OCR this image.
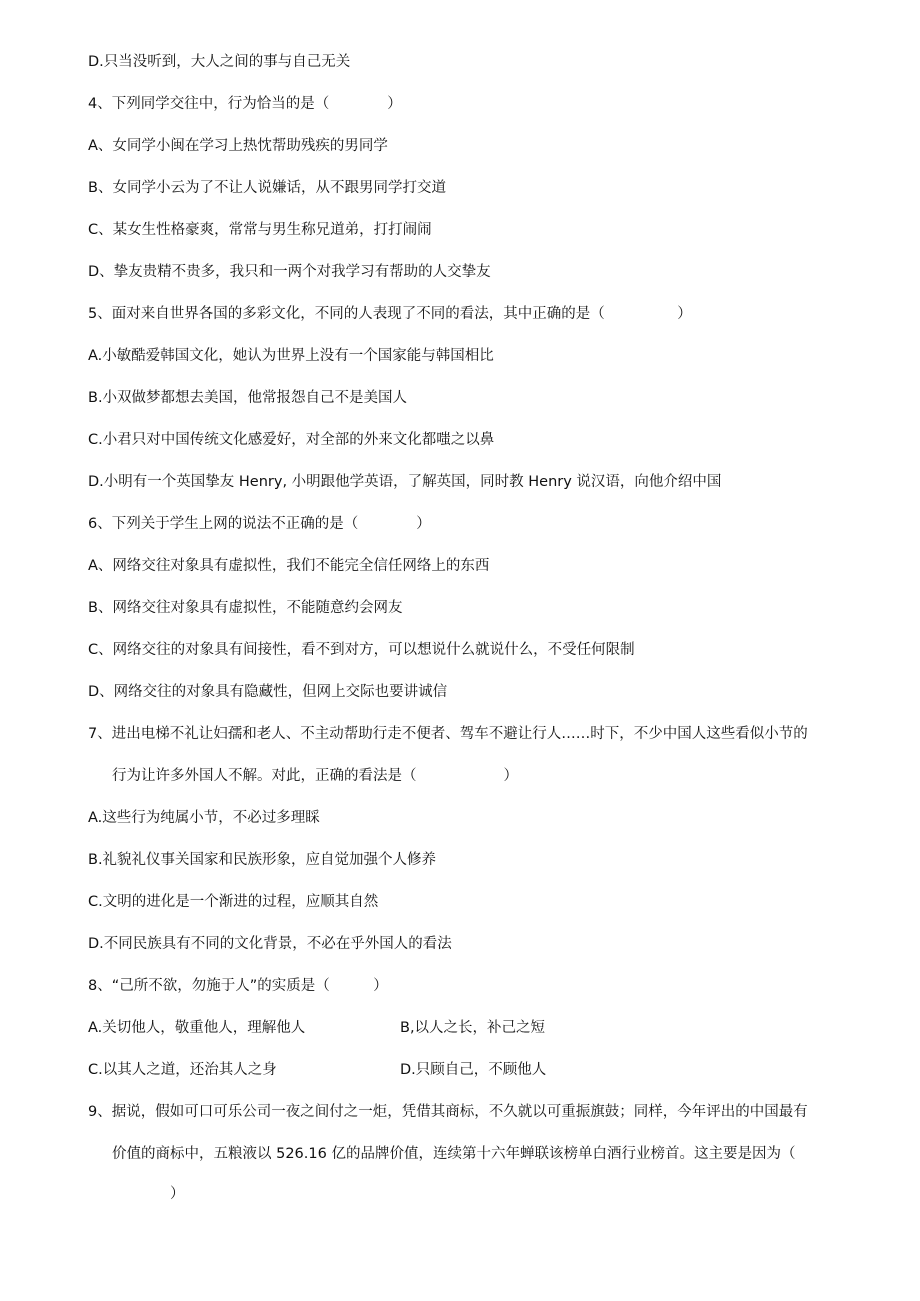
D.只当没听到，大人之间的事与自己无关
4、下列同学交往中，行为恰当的是（　　　　）
A、女同学小闽在学习上热忱帮助残疾的男同学
B、女同学小云为了不让人说嫌话，从不跟男同学打交道
C、某女生性格豪爽，常常与男生称兄道弟，打打闹闹
D、挚友贵精不贵多，我只和一两个对我学习有帮助的人交挚友
5、面对来自世界各国的多彩文化，不同的人表现了不同的看法，其中正确的是（　　　　　）
A.小敏酷爱韩国文化，她认为世界上没有一个国家能与韩国相比
B.小双做梦都想去美国，他常报怨自己不是美国人
C.小君只对中国传统文化感爱好，对全部的外来文化都嗤之以鼻
D.小明有一个英国挚友 Henry, 小明跟他学英语，了解英国，同时教 Henry 说汉语，向他介绍中国
6、下列关于学生上网的说法不正确的是（　　　　）
A、网络交往对象具有虚拟性，我们不能完全信任网络上的东西
B、网络交往对象具有虚拟性，不能随意约会网友
C、网络交往的对象具有间接性，看不到对方，可以想说什么就说什么，不受任何限制
D、网络交往的对象具有隐藏性，但网上交际也要讲诚信
7、进出电梯不礼让妇孺和老人、不主动帮助行走不便者、驾车不避让行人……时下，不少中国人这些看似小节的
行为让许多外国人不解。对此，正确的看法是（　　　　　　）
A.这些行为纯属小节，不必过多理睬
B.礼貌礼仪事关国家和民族形象，应自觉加强个人修养
C.文明的进化是一个渐进的过程，应顺其自然
D.不同民族具有不同的文化背景，不必在乎外国人的看法
8、“己所不欲，勿施于人”的实质是（　　　）
A.关切他人，敬重他人，理解他人	B,以人之长，补己之短
C.以其人之道，还治其人之身	D.只顾自己，不顾他人
9、据说，假如可口可乐公司一夜之间付之一炬，凭借其商标，不久就以可重振旗鼓；同样，今年评出的中国最有
价值的商标中，五粮液以 526.16 亿的品牌价值，连续第十六年蝉联该榜单白酒行业榜首。这主要是因为（
　　　　）
